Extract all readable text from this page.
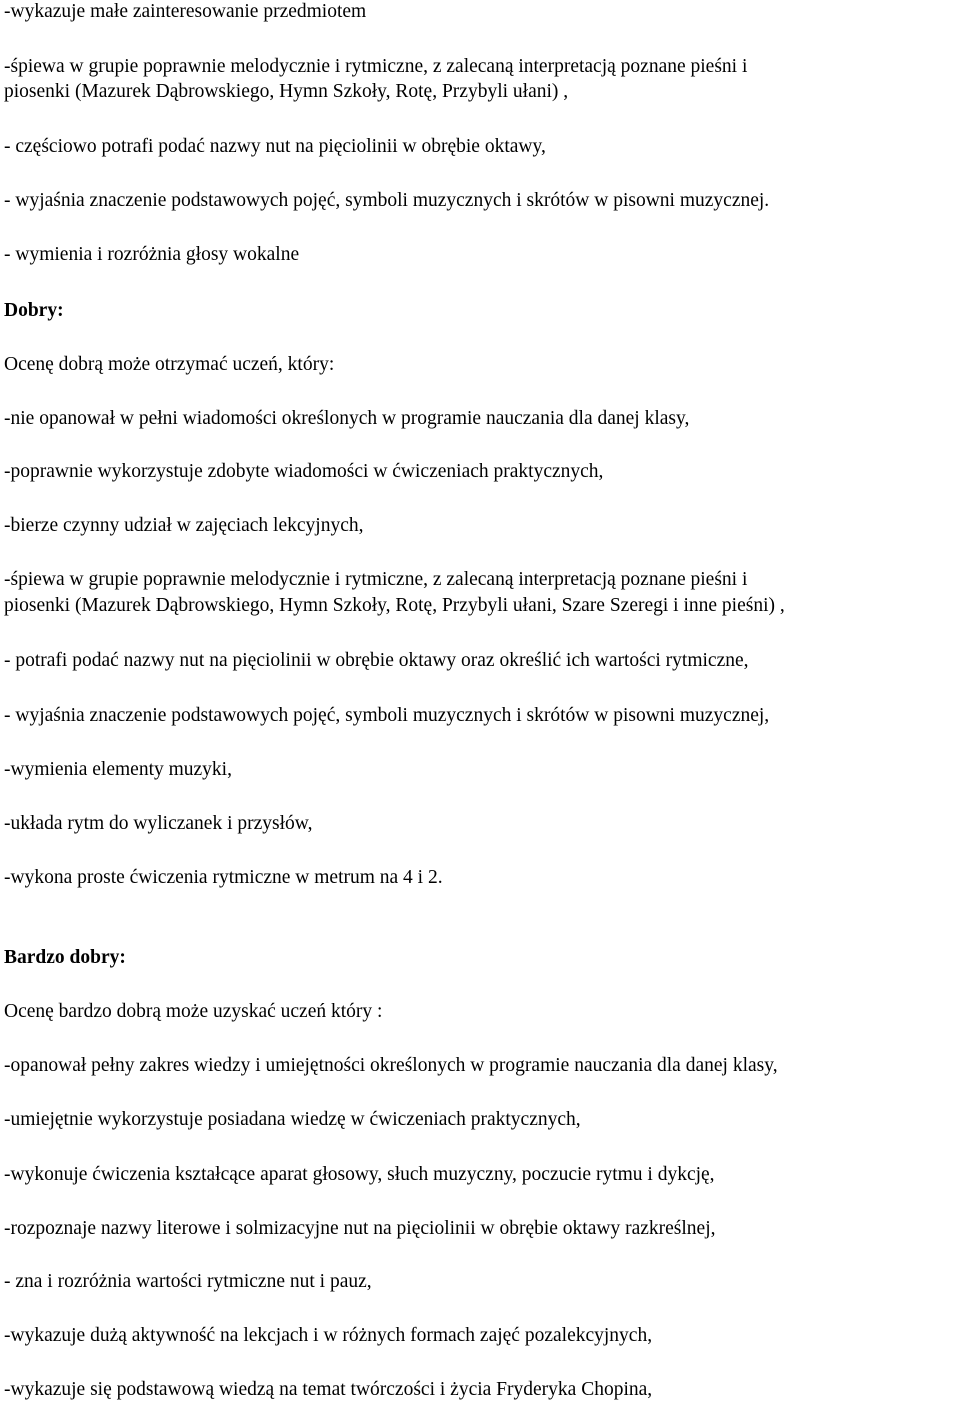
-wykazuje małe zainteresowanie przedmiotem
-śpiewa w grupie poprawnie melodycznie i rytmiczne, z zalecaną interpretacją poznane pieśni i
piosenki (Mazurek Dąbrowskiego, Hymn Szkoły, Rotę, Przybyli ułani) ,
- częściowo potrafi podać nazwy nut na pięciolinii w obrębie oktawy,
- wyjaśnia znaczenie podstawowych pojęć, symboli muzycznych i skrótów w pisowni muzycznej.
- wymienia i rozróżnia głosy wokalne
Dobry:
Ocenę dobrą może otrzymać uczeń, który:
-nie opanował w pełni wiadomości określonych w programie nauczania dla danej klasy,
-poprawnie wykorzystuje zdobyte wiadomości w ćwiczeniach praktycznych,
-bierze czynny udział w zajęciach lekcyjnych,
-śpiewa w grupie poprawnie melodycznie i rytmiczne, z zalecaną interpretacją poznane pieśni i
piosenki (Mazurek Dąbrowskiego, Hymn Szkoły, Rotę, Przybyli ułani, Szare Szeregi i inne pieśni) ,
- potrafi podać nazwy nut na pięciolinii w obrębie oktawy oraz określić ich wartości rytmiczne,
- wyjaśnia znaczenie podstawowych pojęć, symboli muzycznych i skrótów w pisowni muzycznej,
-wymienia elementy muzyki,
-układa rytm do wyliczanek i przysłów,
-wykona proste ćwiczenia rytmiczne w metrum na 4 i 2.
Bardzo dobry:
Ocenę bardzo dobrą może uzyskać uczeń który :
-opanował pełny zakres wiedzy i umiejętności określonych w programie nauczania dla danej klasy,
-umiejętnie wykorzystuje posiadana wiedzę w ćwiczeniach praktycznych,
-wykonuje ćwiczenia kształcące aparat głosowy, słuch muzyczny, poczucie rytmu i dykcję,
-rozpoznaje nazwy literowe i solmizacyjne nut na pięciolinii w obrębie oktawy razkreślnej,
- zna i rozróżnia wartości rytmiczne nut i pauz,
-wykazuje dużą aktywność na lekcjach i w różnych formach zajęć pozalekcyjnych,
-wykazuje się podstawową wiedzą na temat twórczości i życia Fryderyka Chopina,
